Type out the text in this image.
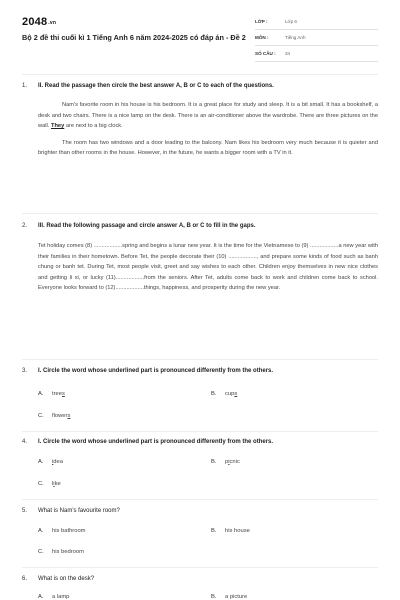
2048.vn
Bộ 2 đề thi cuối kì 1 Tiếng Anh 6 năm 2024-2025 có đáp án - Đề 2
LỚP :	Lớp 6
MÔN :	Tiếng Anh
SỐ CÂU :	34
1. II. Read the passage then circle the best answer A, B or C to each of the questions.

Nam's favorite room in his house is his bedroom. It is a great place for study and sleep. It is a bit small. It has a bookshelf, a desk and two chairs. There is a nice lamp on the desk. There is an air-conditioner above the wardrobe. There are three pictures on the wall. They are next to a big clock.

The room has two windows and a door leading to the balcony. Nam likes his bedroom very much because it is quieter and brighter than other rooms in the house. However, in the future, he wants a bigger room with a TV in it.

2. III. Read the following passage and circle answer A, B or C to fill in the gaps.

Tet holiday comes (8) ..................spring and begins a lunar new year. It is the time for the Vietnamese to (9) ..................a new year with their families in their hometown. Before Tet, the people decorate their (10) .................., and prepare some kinds of food such as banh chung or banh tet. During Tet, most people visit, greet and say wishes to each other. Children enjoy themselves in new nice clothes and getting li xi, or lucky (11)..................from the seniors. After Tet, adults come back to work and children come back to school. Everyone looks forward to (12)..................things, happiness, and prosperity during the new year.

3. I. Circle the word whose underlined part is pronounced differently from the others.
A. trees	B. cups
C. flowers
4. I. Circle the word whose underlined part is pronounced differently from the others.
A. idea	B. picnic
C. like
5. What is Nam's favourite room?
A. his bathroom	B. his house
C. his bedroom
6. What is on the desk?
A. a lamp	B. a picture
